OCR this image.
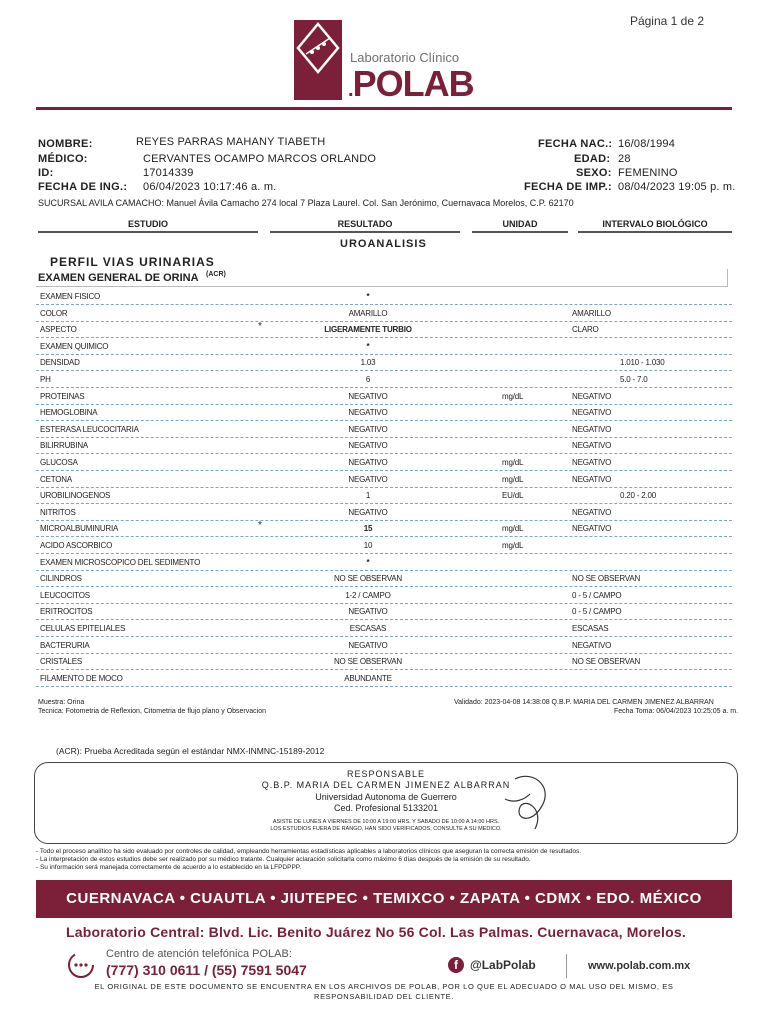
Página 1 de 2
Laboratorio Clínico
.POLAB
NOMBRE:	REYES PARRAS MAHANY TIABETH
MÉDICO:	CERVANTES OCAMPO MARCOS ORLANDO
ID:	17014339
FECHA DE ING.: 06/04/2023 10:17:46 a. m.
FECHA NAC.: 16/08/1994
EDAD: 28
SEXO: FEMENINO
FECHA DE IMP.: 08/04/2023 19:05 p. m.
SUCURSAL AVILA CAMACHO: Manuel Ávila Camacho 274 local 7 Plaza Laurel. Col. San Jerónimo, Cuernavaca Morelos, C.P. 62170
ESTUDIO	RESULTADO	UNIDAD	INTERVALO BIOLÓGICO
UROANALISIS
PERFIL VIAS URINARIAS
EXAMEN GENERAL DE ORINA (ACR)
EXAMEN FISICO	*
COLOR	AMARILLO	AMARILLO
ASPECTO	*	LIGERAMENTE TURBIO	CLARO
EXAMEN QUIMICO	*
DENSIDAD	1.03	1.010 - 1.030
PH	6	5.0 - 7.0
PROTEINAS	NEGATIVO	mg/dL	NEGATIVO
HEMOGLOBINA	NEGATIVO	NEGATIVO
ESTERASA LEUCOCITARIA	NEGATIVO	NEGATIVO
BILIRRUBINA	NEGATIVO	NEGATIVO
GLUCOSA	NEGATIVO	mg/dL	NEGATIVO
CETONA	NEGATIVO	mg/dL	NEGATIVO
UROBILINOGENOS	1	EU/dL	0.20 - 2.00
NITRITOS	NEGATIVO	NEGATIVO
MICROALBUMINURIA	*	15	mg/dL	NEGATIVO
ACIDO ASCORBICO	10	mg/dL
EXAMEN MICROSCOPICO DEL SEDIMENTO	*
CILINDROS	NO SE OBSERVAN	NO SE OBSERVAN
LEUCOCITOS	1-2 / CAMPO	0 - 5 / CAMPO
ERITROCITOS	NEGATIVO	0 - 5 / CAMPO
CELULAS EPITELIALES	ESCASAS	ESCASAS
BACTERURIA	NEGATIVO	NEGATIVO
CRISTALES	NO SE OBSERVAN	NO SE OBSERVAN
FILAMENTO DE MOCO	ABUNDANTE
Muestra: Orina
Tecnica: Fotometria de Reflexion, Citometria de flujo plano y Observacion
Validado: 2023-04-08 14:38:08 Q.B.P. MARIA DEL CARMEN JIMENEZ ALBARRAN
Fecha Toma: 06/04/2023 10:25:05 a. m.
(ACR): Prueba Acreditada según el estándar NMX-INMNC-15189-2012
RESPONSABLE
Q.B.P. MARIA DEL CARMEN JIMENEZ ALBARRAN
Universidad Autonoma de Guerrero
Ced. Profesional 5133201
ASISTE DE LUNES A VIERNES DE 10:00 A 19:00 HRS. Y SABADO DE 10:00 A 14:00 HRS.
LOS ESTUDIOS FUERA DE RANGO, HAN SIDO VERIFICADOS, CONSULTE A SU MEDICO.
- Todo el proceso analítico ha sido evaluado por controles de calidad, empleando herramientas estadísticas aplicables a laboratorios clínicos que aseguran la correcta emisión de resultados.
- La interpretación de estos estudios debe ser realizado por su médico tratante. Cualquier aclaración solicitarla como máximo 6 días después de la emisión de su resultado.
- Su información será manejada correctamente de acuerdo a lo establecido en la LFPDPPP.
CUERNAVACA • CUAUTLA • JIUTEPEC • TEMIXCO • ZAPATA • CDMX • EDO. MÉXICO
Laboratorio Central: Blvd. Lic. Benito Juárez No 56 Col. Las Palmas. Cuernavaca, Morelos.
Centro de atención telefónica POLAB:
(777) 310 0611 / (55) 7591 5047	f	@LabPolab	www.polab.com.mx
EL ORIGINAL DE ESTE DOCUMENTO SE ENCUENTRA EN LOS ARCHIVOS DE POLAB, POR LO QUE EL ADECUADO O MAL USO DEL MISMO, ES RESPONSABILIDAD DEL CLIENTE.
